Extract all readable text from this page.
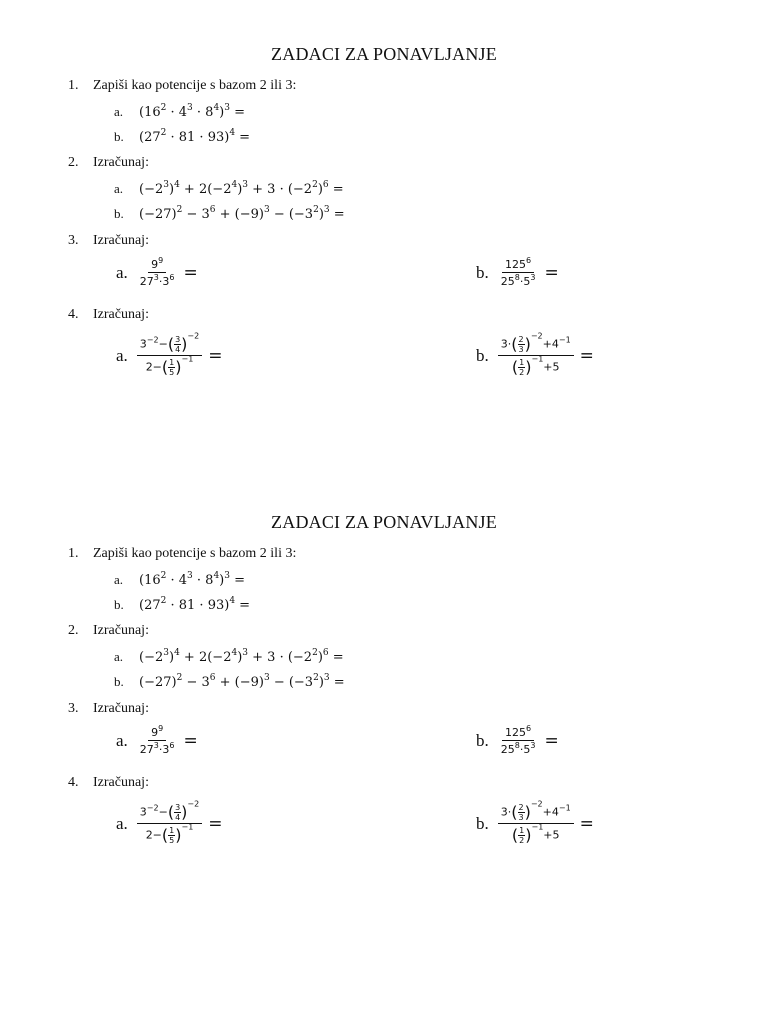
ZADACI ZA PONAVLJANJE
1. Zapiši kao potencije s bazom 2 ili 3:
a. $(16^2 \cdot 4^3 \cdot 8^4)^3$ =
b. $(27^2 \cdot 81 \cdot 93)^4$ =
2. Izračunaj:
a. $(-2^3)^4 + 2(-2^4)^3 + 3 \cdot (-2^2)^6$ =
b. $(-27)^2 - 3^6 + (-9)^3 - (-3^2)^3$ =
3. Izračunaj:
a. $\frac{9^9}{27^3\cdot 3^6}$ =	b. $\frac{125^6}{25^8\cdot 5^3}$ =
4. Izračunaj:
a. $\frac{3^{-2}-( \frac{3}{4} )^{-2}}{2-( \frac{1}{5} )^{-1}}$ =	b. $\frac{3\cdot( \frac{2}{3} )^{-2}+4^{-1}}{( \frac{1}{2} )^{-1}+5}$ =
ZADACI ZA PONAVLJANJE
1. Zapiši kao potencije s bazom 2 ili 3:
a. $(16^2 \cdot 4^3 \cdot 8^4)^3$ =
b. $(27^2 \cdot 81 \cdot 93)^4$ =
2. Izračunaj:
a. $(-2^3)^4 + 2(-2^4)^3 + 3 \cdot (-2^2)^6$ =
b. $(-27)^2 - 3^6 + (-9)^3 - (-3^2)^3$ =
3. Izračunaj:
a. $\frac{9^9}{27^3\cdot 3^6}$ =	b. $\frac{125^6}{25^8\cdot 5^3}$ =
4. Izračunaj:
a. $\frac{3^{-2}-( \frac{3}{4} )^{-2}}{2-( \frac{1}{5} )^{-1}}$ =	b. $\frac{3\cdot( \frac{2}{3} )^{-2}+4^{-1}}{( \frac{1}{2} )^{-1}+5}$ =
